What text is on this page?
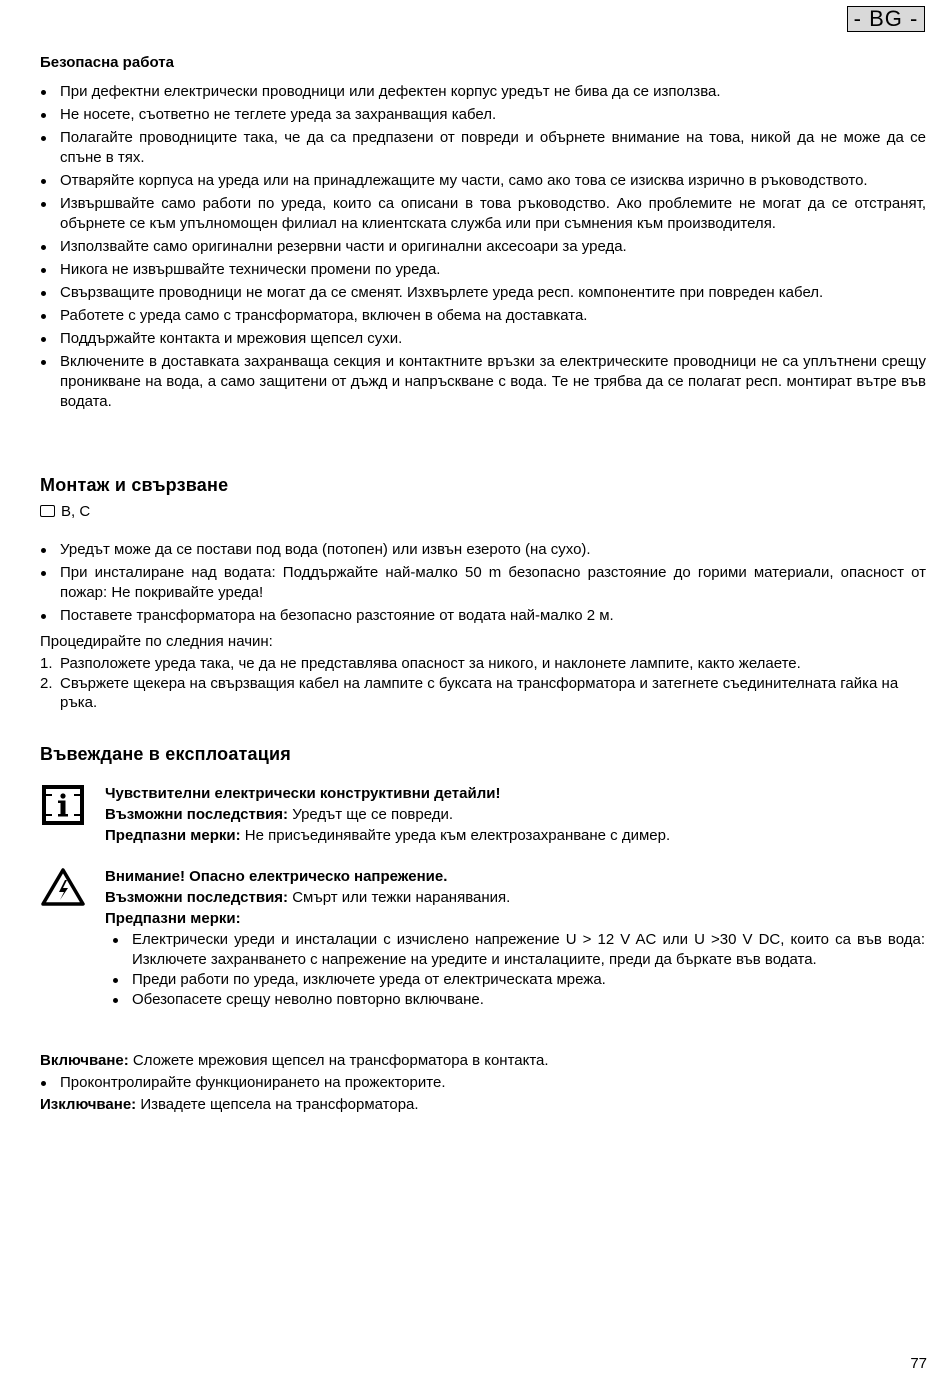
- BG -
Безопасна работа
При дефектни електрически проводници или дефектен корпус уредът не бива да се използва.
Не носете, съответно не теглете уреда за захранващия кабел.
Полагайте проводниците така, че да са предпазени от повреди и обърнете внимание на това, никой да не може да се спъне в тях.
Отваряйте корпуса на уреда или на принадлежащите му части, само ако това се изисква изрично в ръководството.
Извършвайте само работи по уреда, които са описани в това ръководство. Ако проблемите не могат да се отстранят, обърнете се към упълномощен филиал на клиентската служба или при съмнения към производителя.
Използвайте само оригинални резервни части и оригинални аксесоари за уреда.
Никога не извършвайте технически промени по уреда.
Свързващите проводници не могат да се сменят. Изхвърлете уреда респ. компонентите при повреден кабел.
Работете с уреда само с трансформатора, включен в обема на доставката.
Поддържайте контакта и мрежовия щепсел сухи.
Включените в доставката захранваща секция и контактните връзки за електрическите проводници не са уплътнени срещу проникване на вода, а само защитени от дъжд и напръскване с вода. Те не трябва да се полагат респ. монтират вътре във водата.
Монтаж и свързване
B, C
Уредът може да се постави под вода (потопен) или извън езерото (на сухо).
При инсталиране над водата: Поддържайте най-малко 50 m безопасно разстояние до горими материали, опасност от пожар: Не покривайте уреда!
Поставете трансформатора на безопасно разстояние от водата най-малко 2 м.

Процедирайте по следния начин:

1. Разположете уреда така, че да не представлява опасност за никого, и наклонете лампите, както желаете.
2. Свържете щекера на свързващия кабел на лампите с буксата на трансформатора и затегнете съединителната гайка на ръка.
Въвеждане в експлоатация
Чувствителни електрически конструктивни детайли!
Възможни последствия: Уредът ще се повреди.
Предпазни мерки: Не присъединявайте уреда към електрозахранване с димер.
Внимание! Опасно електрическо напрежение.
Възможни последствия: Смърт или тежки наранявания.
Предпазни мерки:
Електрически уреди и инсталации с изчислено напрежение U > 12 V AC или U >30 V DC, които са във вода: Изключете захранването с напрежение на уредите и инсталациите, преди да бъркате във водата.
Преди работи по уреда, изключете уреда от електрическата мрежа.
Обезопасете срещу неволно повторно включване.

Включване: Сложете мрежовия щепсел на трансформатора в контакта.

Проконтролирайте функционирането на прожекторите.

Изключване: Извадете щепсела на трансформатора.

77
